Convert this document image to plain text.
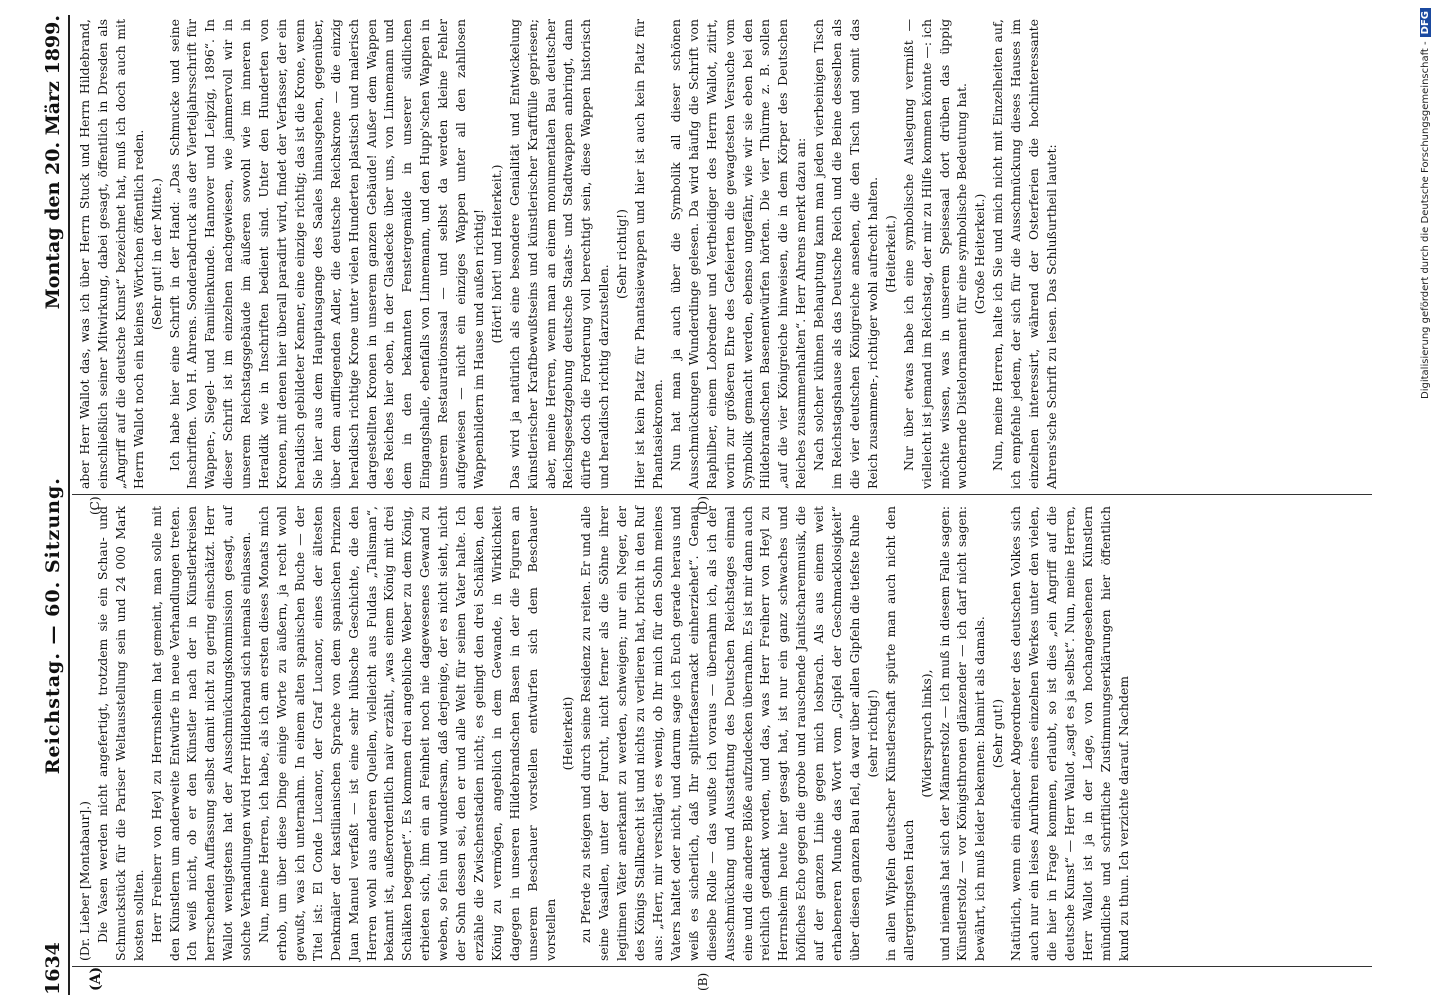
1634
Reichstag. — 60. Sitzung.
Montag den 20. März 1899.
(A)	(B)
(C)	(D)

(Dr. Lieber [Montabaur].) Die Vasen werden nicht angefertigt, trotzdem sie ein Schau- und Schmuckstück für die Pariser Weltausstellung sein und 24 000 Mark kosten sollten. Herr Freiherr von Heyl zu Herrnsheim hat gemeint, man solle mit den Künstlern um anderweite Entwürfe in neue Verhandlungen treten. Ich weiß nicht, ob er den Künstler nach der in Künstlerkreisen herrschenden Auffassung selbst damit nicht zu gering einschätzt. Herr Wallot wenigstens hat der Ausschmückungskommission gesagt, auf solche Verhandlungen wird Herr Hildebrand sich niemals einlassen. Nun, meine Herren, ich habe, als ich am ersten dieses Monats mich erhob, um über diese Dinge einige Worte zu äußern, ja recht wohl gewußt, was ich unternahm. In einem alten spanischen Buche — der Titel ist: El Conde Lucanor, der Graf Lucanor, eines der ältesten Denkmäler der kastilianischen Sprache von dem spanischen Prinzen Juan Manuel verfaßt — ist eine sehr hübsche Geschichte, die den Herren wohl aus anderen Quellen, vielleicht aus Fuldas „Talisman“, bekannt ist, außerordentlich naiv erzählt, „was einem König mit drei Schälken begegnet“. Es kommen drei angebliche Weber zu dem König, erbieten sich, ihm ein an Feinheit noch nie dagewesenes Gewand zu weben, so fein und wundersam, daß derjenige, der es nicht sieht, nicht der Sohn dessen sei, den er und alle Welt für seinen Vater halte. Ich erzähle die Zwischenstadien nicht; es gelingt den drei Schälken, den König zu vermögen, angeblich in dem Gewande, in Wirklichkeit dagegen in unseren Hildebrandschen Basen in der die Figuren an unserem Beschauer vorstellen entwürfen sich dem Beschauer vorstellen

(Heiterkeit) zu Pferde zu steigen und durch seine Residenz zu reiten. Er und alle seine Vasallen, unter der Furcht, nicht ferner als die Söhne ihrer legitimen Väter anerkannt zu werden, schweigen; nur ein Neger, der des Königs Stallknecht ist und nichts zu verlieren hat, bricht in den Ruf aus: „Herr, mir verschlägt es wenig, ob Ihr mich für den Sohn meines Vaters haltet oder nicht, und darum sage ich Euch gerade heraus und weiß es sicherlich, daß Ihr splitterfasernackt einherziehet“. Genau dieselbe Rolle — das wußte ich voraus — übernahm ich, als ich der Ausschmückung und Ausstattung des Deutschen Reichstages einmal eine und die andere Blöße aufzudecken übernahm. Es ist mir dann auch reichlich gedankt worden, und das, was Herr Freiherr von Heyl zu Herrnsheim heute hier gesagt hat, ist nur ein ganz schwaches und höfliches Echo gegen die grobe und rauschende Janitscharenmusik, die auf der ganzen Linie gegen mich losbrach. Als aus einem weit erhabeneren Munde das Wort vom „Gipfel der Geschmacklosigkeit“ über diesen ganzen Bau fiel, da war über allen Gipfeln die tiefste Ruhe (sehr richtig!) in allen Wipfeln deutscher Künstlerschaft spürte man auch nicht den allergeringsten Hauch

(Widerspruch links), und niemals hat sich der Männerstolz — ich muß in diesem Falle sagen: Künstlerstolz — vor Königsthronen glänzender — ich darf nicht sagen: bewährt, ich muß leider bekennen: blamirt als damals. (Sehr gut!) Natürlich, wenn ein einfacher Abgeordneter des deutschen Volkes sich auch nur ein leises Anrühren eines einzelnen Werkes unter den vielen, die hier in Frage kommen, erlaubt, so ist dies „ein Angriff auf die deutsche Kunst“ — Herr Wallot „sagt es ja selbst“. Nun, meine Herren, Herr Wallot ist ja in der Lage, von hochangesehenen Künstlern mündliche und schriftliche Zustimmungserklärungen hier öffentlich kund zu thun. Ich verzichte darauf. Nachdem

aber Herr Wallot das, was ich über Herrn Stuck und Herrn Hildebrand, einschließlich seiner Mitwirkung, dabei gesagt, öffentlich in Dresden als „Angriff auf die deutsche Kunst“ bezeichnet hat, muß ich doch auch mit Herrn Wallot noch ein kleines Wörtchen öffentlich reden. (Sehr gut! in der Mitte.) Ich habe hier eine Schrift in der Hand: „Das Schmucke und seine Inschriften. Von H. Ahrens. Sonderabdruck aus der Vierteljahrsschrift für Wappen-, Siegel- und Familienkunde. Hannover und Leipzig, 1896“. In dieser Schrift ist im einzelnen nachgewiesen, wie jammervoll wir in unserem Reichstagsgebäude im äußeren sowohl wie im inneren in Heraldik wie in Inschriften bedient sind. Unter den Hunderten von Kronen, mit denen hier überall paradirt wird, findet der Verfasser, der ein heraldisch gebildeter Kenner, eine einzige richtig; das ist die Krone, wenn Sie hier aus dem Hauptausgange des Saales hinausgehen, gegenüber, über dem auffliegenden Adler, die deutsche Reichskrone — die einzig heraldisch richtige Krone unter vielen Hunderten plastisch und malerisch dargestellten Kronen in unserem ganzen Gebäude! Außer dem Wappen des Reiches hier oben, in der Glasdecke über uns, von Linnemann und dem in den bekannten Fenstergemälde in unserer südlichen Eingangshalle, ebenfalls von Linnemann, und den Hupp'schen Wappen in unserem Restaurationssaal — und selbst da werden kleine Fehler aufgewiesen — nicht ein einziges Wappen unter all den zahllosen Wappenbildern im Hause und außen richtig! (Hört! hört! und Heiterkeit.) Das wird ja natürlich als eine besondere Genialität und Entwickelung künstlerischer Kraftbewußtseins und künstlerischer Kraftfülle gepriesen; aber, meine Herren, wenn man an einem monumentalen Bau deutscher Reichsgesetzgebung deutsche Staats- und Stadtwappen anbringt, dann dürfte doch die Forderung voll berechtigt sein, diese Wappen historisch und heraldisch richtig darzustellen.

(Sehr richtig!) Hier ist kein Platz für Phantasiewappen und hier ist auch kein Platz für Phantasiekronen. Nun hat man ja auch über die Symbolik all dieser schönen Ausschmückungen Wunderdinge gelesen. Da wird häufig die Schrift von Raphilber, einem Lobredner und Vertheidiger des Herrn Wallot, zitirt, worin zur größeren Ehre des Gefeierten die gewagtesten Versuche vom Symbolik gemacht werden, ebenso ungefähr, wie wir sie eben bei den Hildebrandschen Basenentwürfen hörten. Die vier Thürme z. B. sollen „auf die vier Königreiche hinweisen, die in dem Körper des Deutschen Reiches zusammenhalten“. Herr Ahrens merkt dazu an: Nach solcher kühnen Behauptung kann man jeden vierbeinigen Tisch im Reichstagshause als das Deutsche Reich und die Beine desselben als die vier deutschen Königreiche ansehen, die den Tisch und somit das Reich zusammen-, richtiger wohl aufrecht halten. (Heiterkeit.) Nur über etwas habe ich eine symbolische Auslegung vermißt — vielleicht ist jemand im Reichstag, der mir zu Hilfe kommen könnte —: ich möchte wissen, was in unserem Speisesaal dort drüben das üppig wuchernde Distelornament für eine symbolische Bedeutung hat. (Große Heiterkeit.) Nun, meine Herren, halte ich Sie und mich nicht mit Einzelheiten auf, ich empfehle jedem, der sich für die Ausschmückung dieses Hauses im einzelnen interessirt, während der Osterferien die hochinteressante Ahrens'sche Schrift zu lesen. Das Schlußurtheil lautet:	Digitalisierung gefördert durch die Deutsche Forschungsgemeinschaft -DFG
